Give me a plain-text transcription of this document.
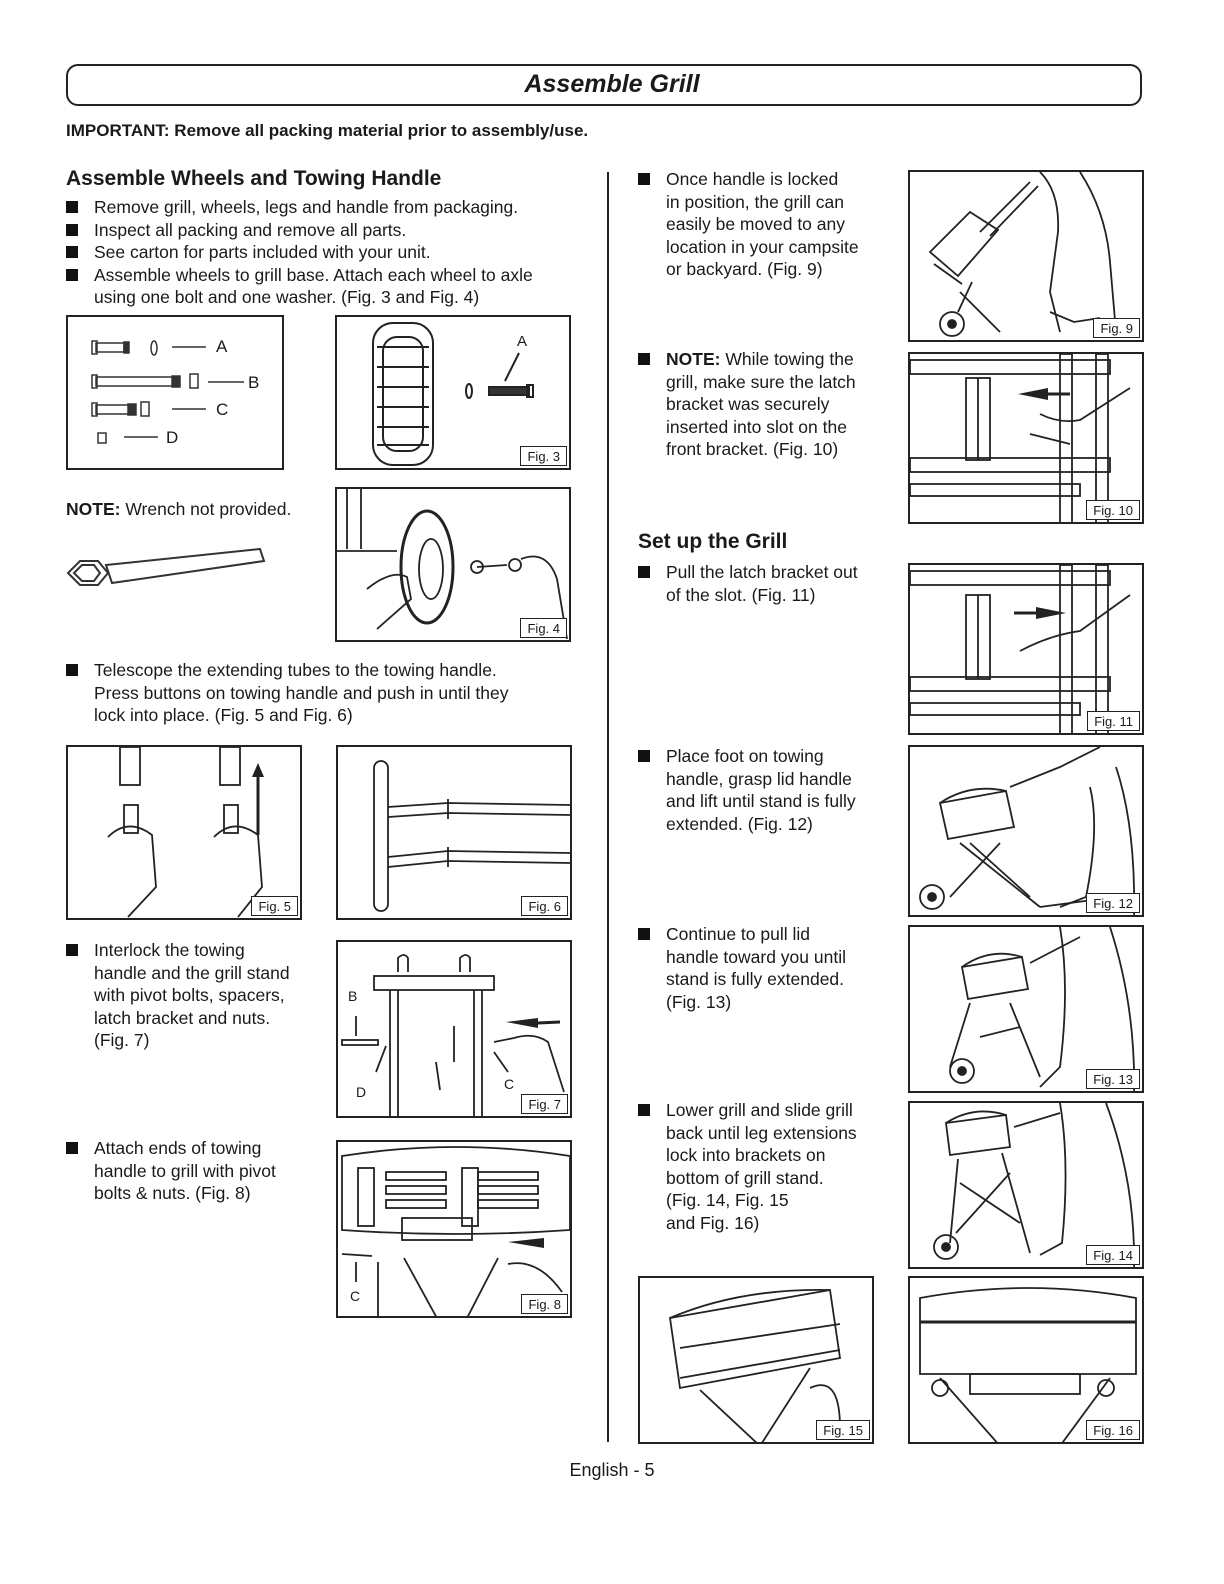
Assemble Grill
IMPORTANT: Remove all packing material prior to assembly/use.
Assemble Wheels and Towing Handle
Remove grill, wheels, legs and handle from packaging.
Inspect all packing and remove all parts.
See carton for parts included with your unit.
Assemble wheels to grill base. Attach each wheel to axle
using one bolt and one washer. (Fig. 3 and Fig. 4)
A
B
C
D
A
Fig. 3
NOTE: Wrench not provided.
Fig. 4
Telescope the extending tubes to the towing handle.
Press buttons on towing handle and push in until they
lock into place. (Fig. 5 and Fig. 6)
Fig. 5	Fig. 6
Interlock the towing
handle and the grill stand
with pivot bolts, spacers,
latch bracket and nuts.
(Fig. 7)
B
D	C
Fig. 7
Attach ends of towing
handle to grill with pivot
bolts & nuts. (Fig. 8)
C
Fig. 8
Once handle is locked
in position, the grill can
easily be moved to any
location in your campsite
or backyard. (Fig. 9)
Fig. 9
NOTE: While towing the
grill, make sure the latch
bracket was securely
inserted into slot on the
front bracket. (Fig. 10)
Fig. 10
Set up the Grill
Pull the latch bracket out
of the slot. (Fig. 11)
Fig. 11
Place foot on towing
handle, grasp lid handle
and lift until stand is fully
extended. (Fig. 12)
Fig. 12
Continue to pull lid
handle toward you until
stand is fully extended.
(Fig. 13)
Fig. 13
Lower grill and slide grill
back until leg extensions
lock into brackets on
bottom of grill stand.
(Fig. 14, Fig. 15
and Fig. 16)
Fig. 14
Fig. 15	Fig. 16
English - 5
